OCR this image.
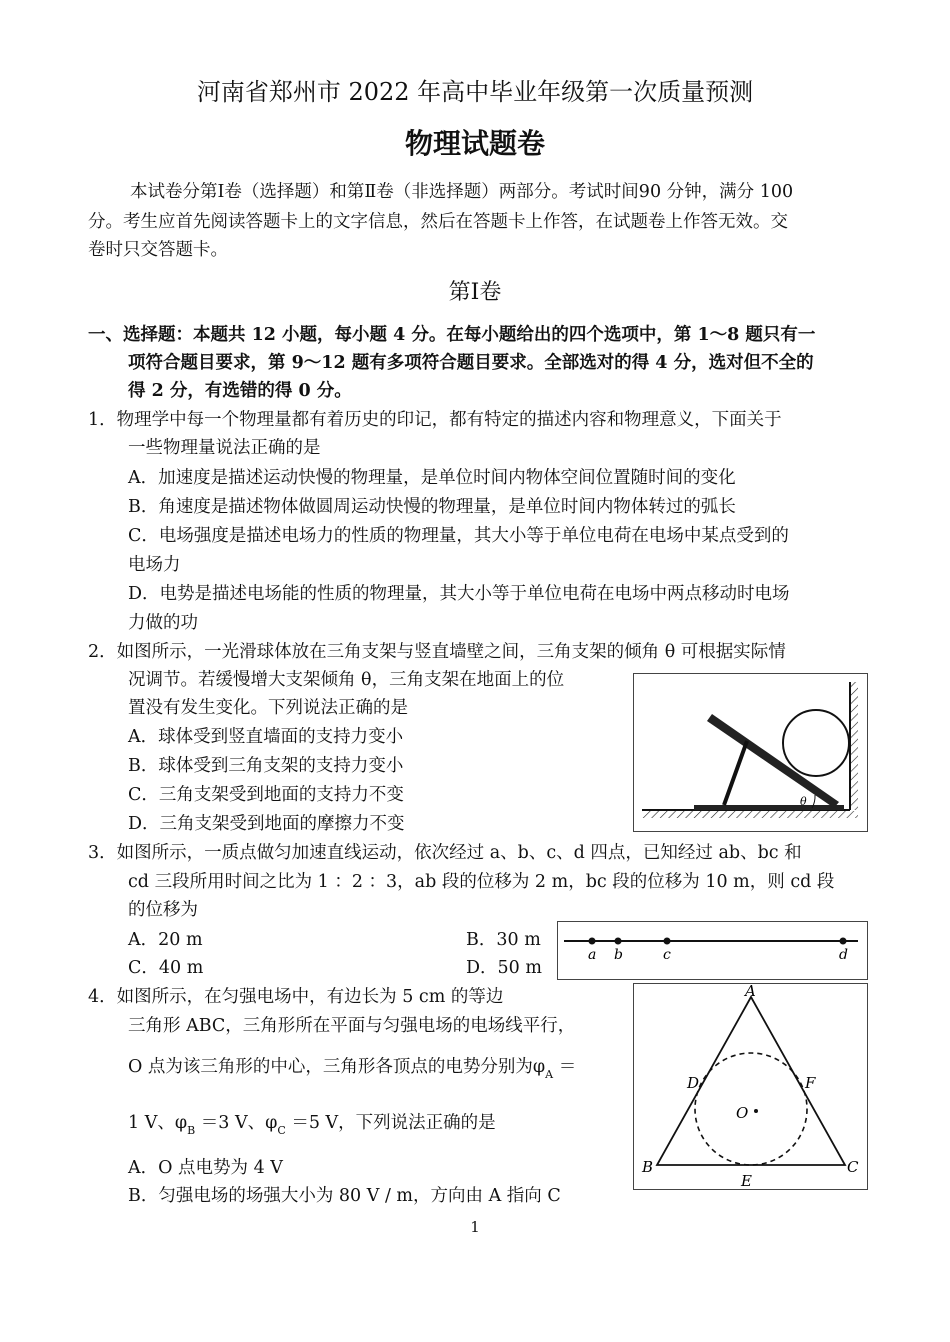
河南省郑州市 2022 年高中毕业年级第一次质量预测
物理试题卷
本试卷分第Ⅰ卷（选择题）和第Ⅱ卷（非选择题）两部分。考试时间90 分钟，满分 100
分。考生应首先阅读答题卡上的文字信息，然后在答题卡上作答，在试题卷上作答无效。交
卷时只交答题卡。
第Ⅰ卷
一、选择题：本题共 12 小题，每小题 4 分。在每小题给出的四个选项中，第 1～8 题只有一
项符合题目要求，第 9～12 题有多项符合题目要求。全部选对的得 4 分，选对但不全的
得 2 分，有选错的得 0 分。
1．物理学中每一个物理量都有着历史的印记，都有特定的描述内容和物理意义，下面关于
一些物理量说法正确的是
A．加速度是描述运动快慢的物理量，是单位时间内物体空间位置随时间的变化
B．角速度是描述物体做圆周运动快慢的物理量，是单位时间内物体转过的弧长
C．电场强度是描述电场力的性质的物理量，其大小等于单位电荷在电场中某点受到的
电场力
D．电势是描述电场能的性质的物理量，其大小等于单位电荷在电场中两点移动时电场
力做的功
2．如图所示，一光滑球体放在三角支架与竖直墙壁之间，三角支架的倾角 θ 可根据实际情
况调节。若缓慢增大支架倾角 θ，三角支架在地面上的位
置没有发生变化。下列说法正确的是
A．球体受到竖直墙面的支持力变小
B．球体受到三角支架的支持力变小
C．三角支架受到地面的支持力不变
D．三角支架受到地面的摩擦力不变
θ
3．如图所示，一质点做匀加速直线运动，依次经过 a、b、c、d 四点，已知经过 ab、bc 和
cd 三段所用时间之比为 1 ：2 ：3，ab 段的位移为 2 m，bc 段的位移为 10 m，则 cd 段
的位移为
A．20 m	B．30 m
C．40 m	D．50 m
a b	c	d
4．如图所示，在匀强电场中，有边长为 5 cm 的等边
三角形 ABC，三角形所在平面与匀强电场的电场线平行，
O 点为该三角形的中心，三角形各顶点的电势分别为$\varphi_A$ ＝
1 V、$\varphi_B =3$ V、$\varphi_C =5$ V，下列说法正确的是
A．O 点电势为 4 V
B．匀强电场的场强大小为 80 V / m，方向由 A 指向 C
A
B	C
D
E
F
O
1
